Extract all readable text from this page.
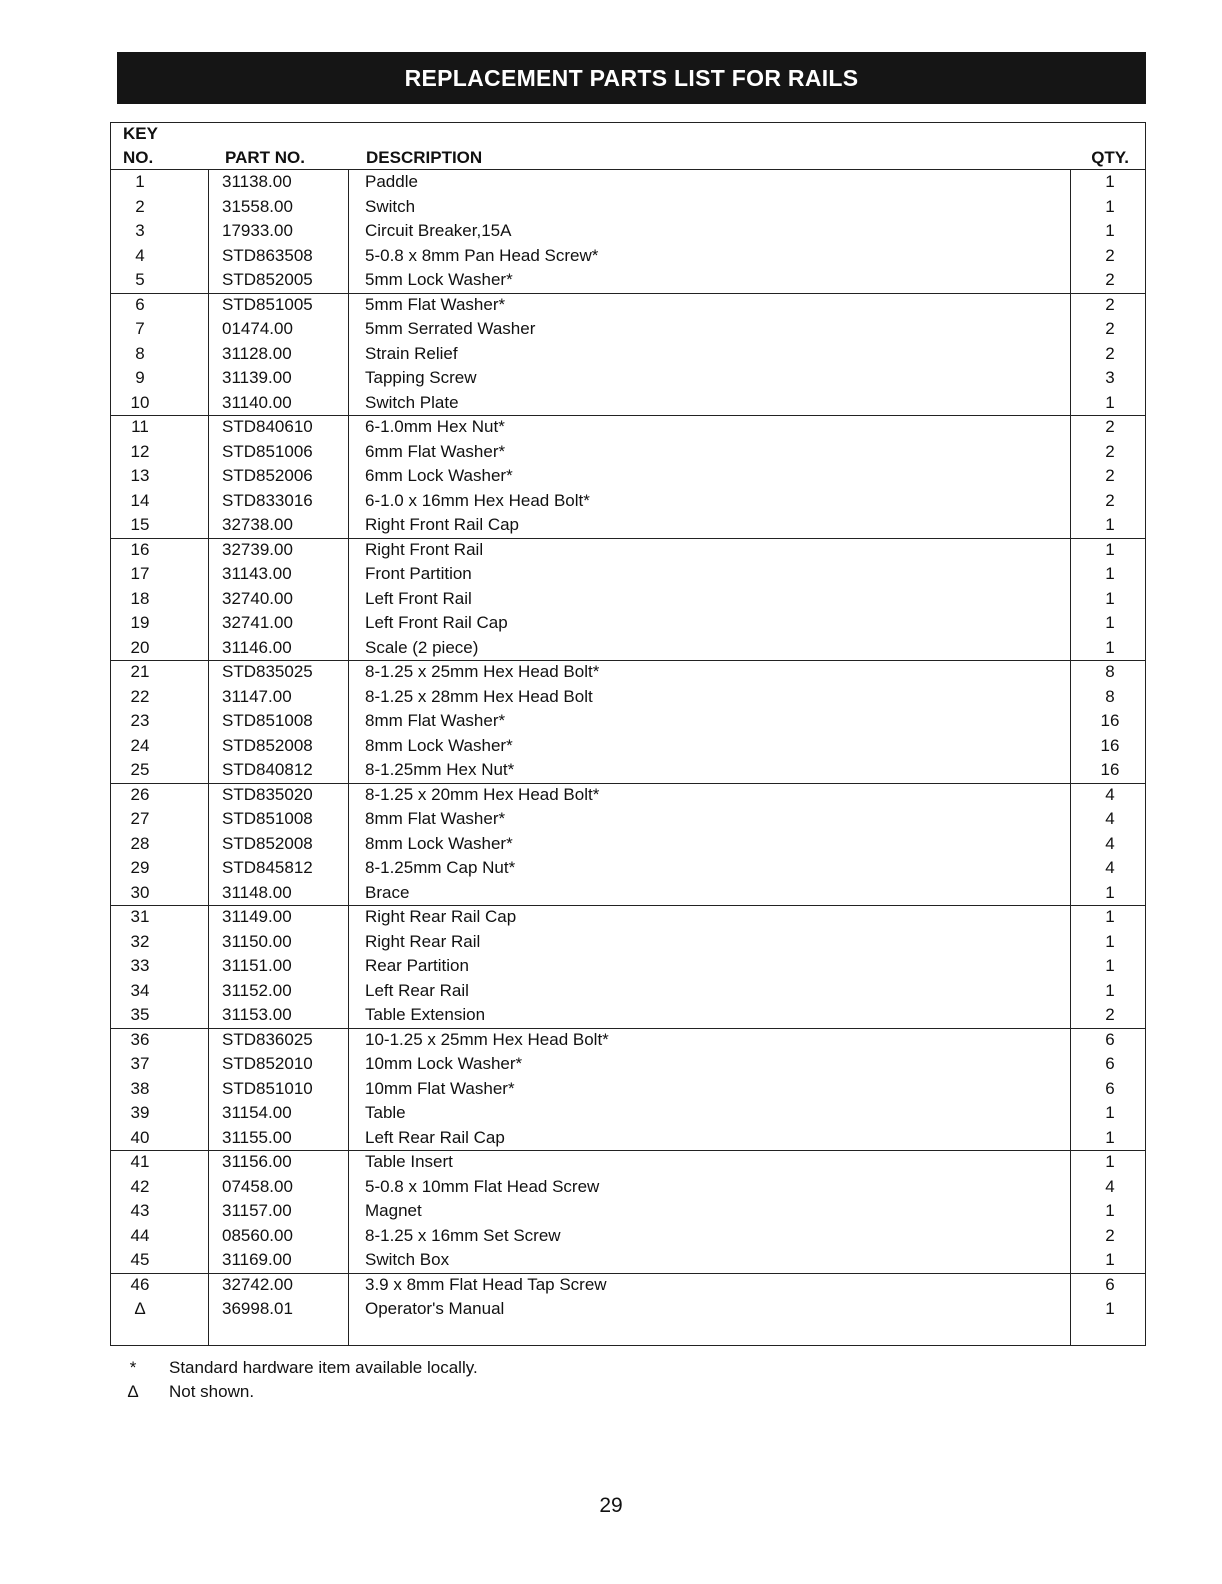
REPLACEMENT PARTS LIST FOR RAILS
KEY
NO.	PART NO.	DESCRIPTION	QTY.
1	31138.00	Paddle	1
2	31558.00	Switch	1
3	17933.00	Circuit Breaker,15A	1
4	STD863508	5-0.8 x 8mm Pan Head Screw*	2
5	STD852005	5mm Lock Washer*	2
6	STD851005	5mm Flat Washer*	2
7	01474.00	5mm Serrated Washer	2
8	31128.00	Strain Relief	2
9	31139.00	Tapping Screw	3
10	31140.00	Switch Plate	1
11	STD840610	6-1.0mm Hex Nut*	2
12	STD851006	6mm Flat Washer*	2
13	STD852006	6mm Lock Washer*	2
14	STD833016	6-1.0 x 16mm Hex Head Bolt*	2
15	32738.00	Right Front Rail Cap	1
16	32739.00	Right Front Rail	1
17	31143.00	Front Partition	1
18	32740.00	Left Front Rail	1
19	32741.00	Left Front Rail Cap	1
20	31146.00	Scale (2 piece)	1
21	STD835025	8-1.25 x 25mm Hex Head Bolt*	8
22	31147.00	8-1.25 x 28mm Hex Head Bolt	8
23	STD851008	8mm Flat Washer*	16
24	STD852008	8mm Lock Washer*	16
25	STD840812	8-1.25mm Hex Nut*	16
26	STD835020	8-1.25 x 20mm Hex Head Bolt*	4
27	STD851008	8mm Flat Washer*	4
28	STD852008	8mm Lock Washer*	4
29	STD845812	8-1.25mm Cap Nut*	4
30	31148.00	Brace	1
31	31149.00	Right Rear Rail Cap	1
32	31150.00	Right Rear Rail	1
33	31151.00	Rear Partition	1
34	31152.00	Left Rear Rail	1
35	31153.00	Table Extension	2
36	STD836025	10-1.25 x 25mm Hex Head Bolt*	6
37	STD852010	10mm Lock Washer*	6
38	STD851010	10mm Flat Washer*	6
39	31154.00	Table	1
40	31155.00	Left Rear Rail Cap	1
41	31156.00	Table Insert	1
42	07458.00	5-0.8 x 10mm Flat Head Screw	4
43	31157.00	Magnet	1
44	08560.00	8-1.25 x 16mm Set Screw	2
45	31169.00	Switch Box	1
46	32742.00	3.9 x 8mm Flat Head Tap Screw	6
Δ	36998.01	Operator's Manual	1
*	Standard hardware item available locally.
Δ	Not shown.
29
